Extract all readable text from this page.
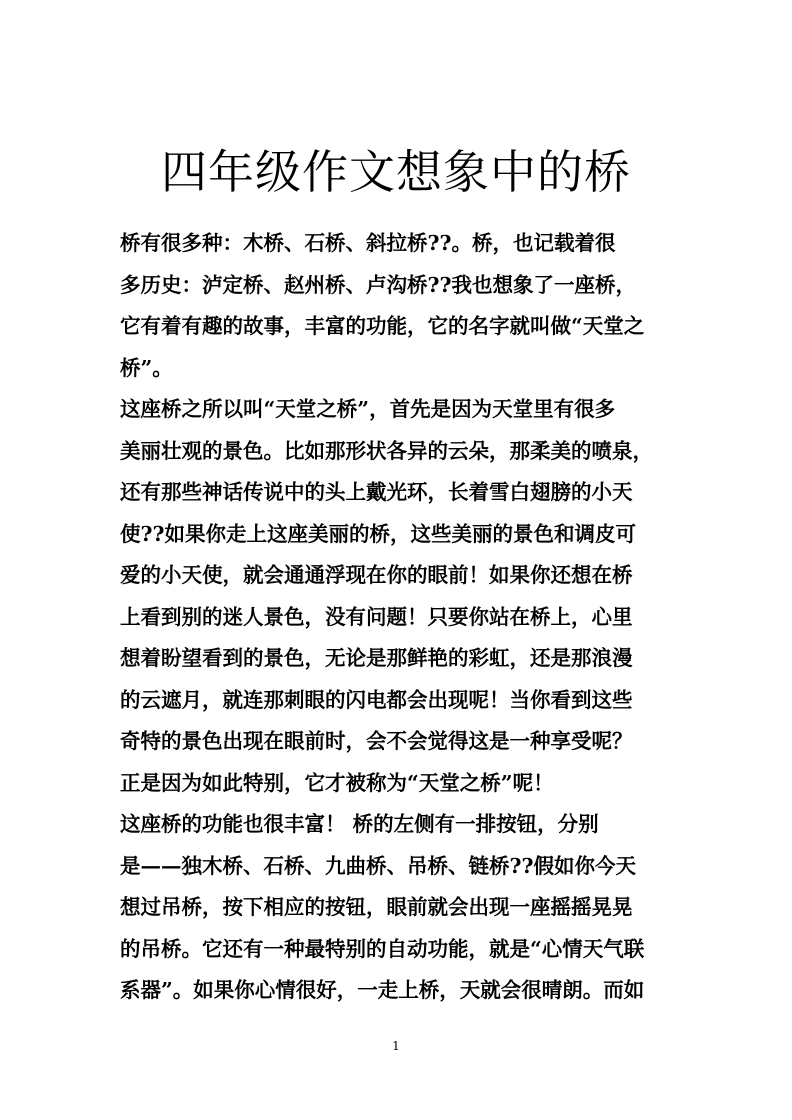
四年级作文想象中的桥
桥有很多种：木桥、石桥、斜拉桥??。桥，也记载着很
多历史：泸定桥、赵州桥、卢沟桥??我也想象了一座桥，
它有着有趣的故事，丰富的功能，它的名字就叫做“天堂之
桥”。
这座桥之所以叫“天堂之桥”，首先是因为天堂里有很多
美丽壮观的景色。比如那形状各异的云朵，那柔美的喷泉，
还有那些神话传说中的头上戴光环，长着雪白翅膀的小天
使??如果你走上这座美丽的桥，这些美丽的景色和调皮可
爱的小天使，就会通通浮现在你的眼前！如果你还想在桥
上看到别的迷人景色，没有问题！只要你站在桥上，心里
想着盼望看到的景色，无论是那鲜艳的彩虹，还是那浪漫
的云遮月，就连那刺眼的闪电都会出现呢！当你看到这些
奇特的景色出现在眼前时，会不会觉得这是一种享受呢？
正是因为如此特别，它才被称为“天堂之桥”呢！
这座桥的功能也很丰富！ 桥的左侧有一排按钮，分别
是——独木桥、石桥、九曲桥、吊桥、链桥??假如你今天
想过吊桥，按下相应的按钮，眼前就会出现一座摇摇晃晃
的吊桥。它还有一种最特别的自动功能，就是“心情天气联
系器”。如果你心情很好，一走上桥，天就会很晴朗。而如
1
